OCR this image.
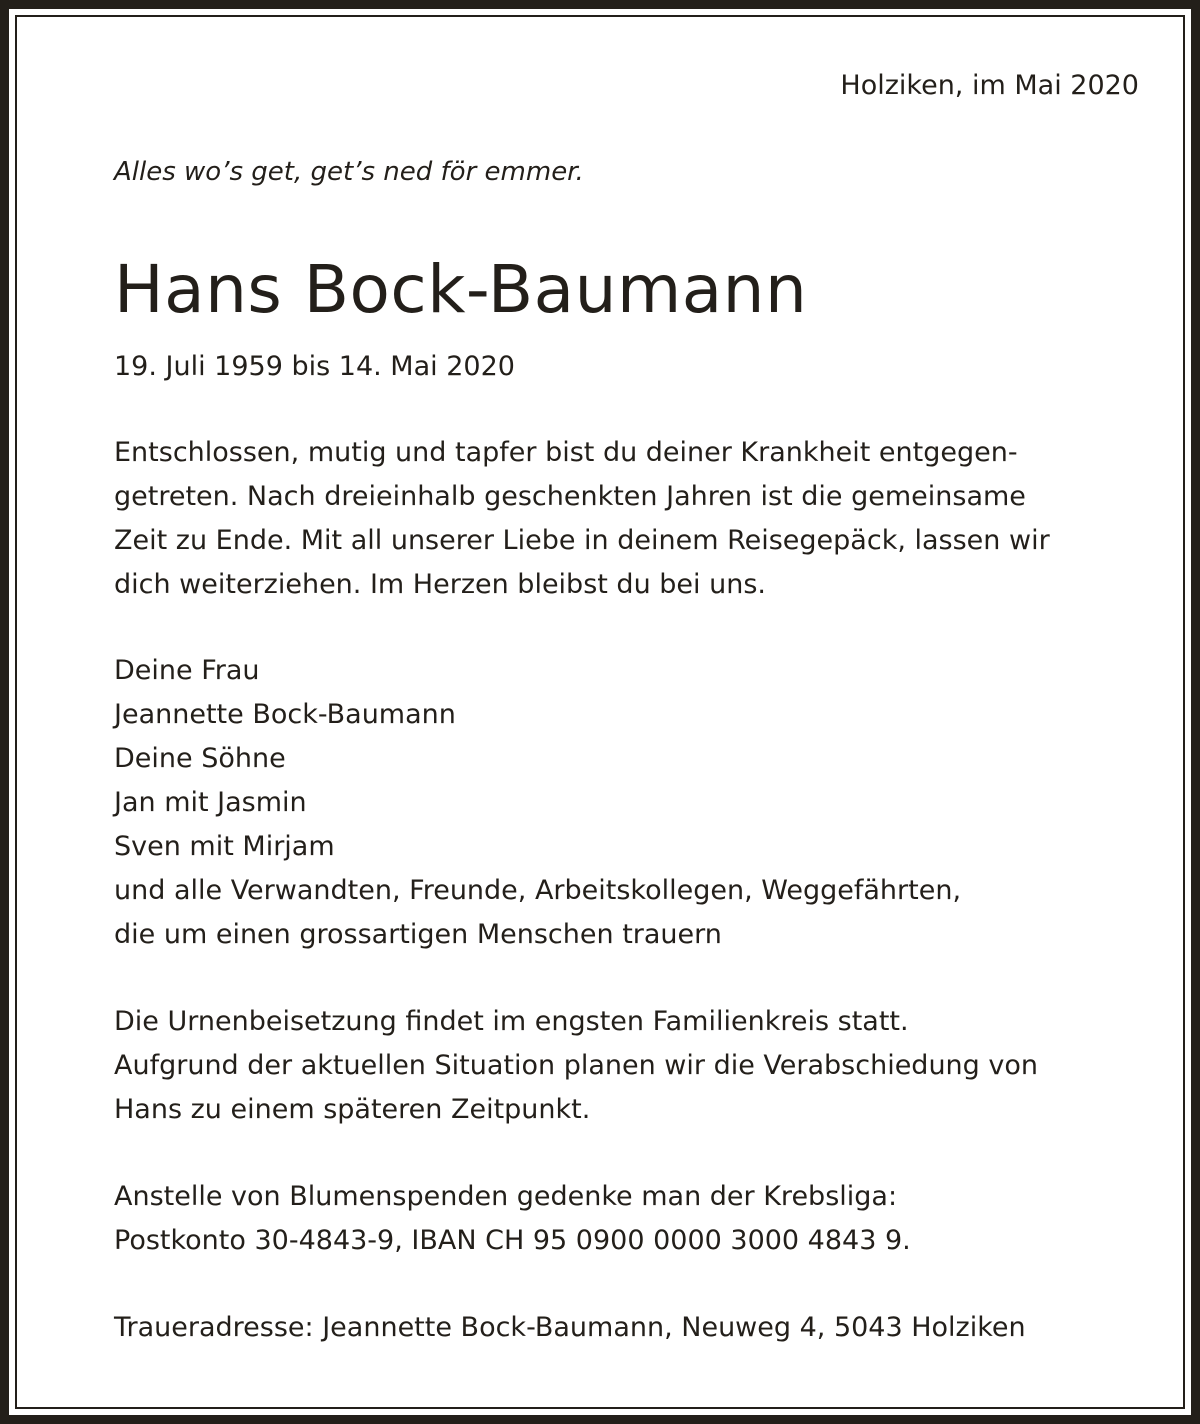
Holziken, im Mai 2020
Alles wo’s get, get’s ned för emmer.
Hans Bock-Baumann
19. Juli 1959 bis 14. Mai 2020

Entschlossen, mutig und tapfer bist du deiner Krankheit entgegen-
getreten. Nach dreieinhalb geschenkten Jahren ist die gemeinsame
Zeit zu Ende. Mit all unserer Liebe in deinem Reisegepäck, lassen wir
dich weiterziehen. Im Herzen bleibst du bei uns.

Deine Frau
Jeannette Bock-Baumann
Deine Söhne
Jan mit Jasmin
Sven mit Mirjam
und alle Verwandten, Freunde, Arbeitskollegen, Weggefährten,
die um einen grossartigen Menschen trauern

Die Urnenbeisetzung findet im engsten Familienkreis statt.
Aufgrund der aktuellen Situation planen wir die Verabschiedung von
Hans zu einem späteren Zeitpunkt.

Anstelle von Blumenspenden gedenke man der Krebsliga:
Postkonto 30-4843-9, IBAN CH 95 0900 0000 3000 4843 9.

Traueradresse: Jeannette Bock-Baumann, Neuweg 4, 5043 Holziken
